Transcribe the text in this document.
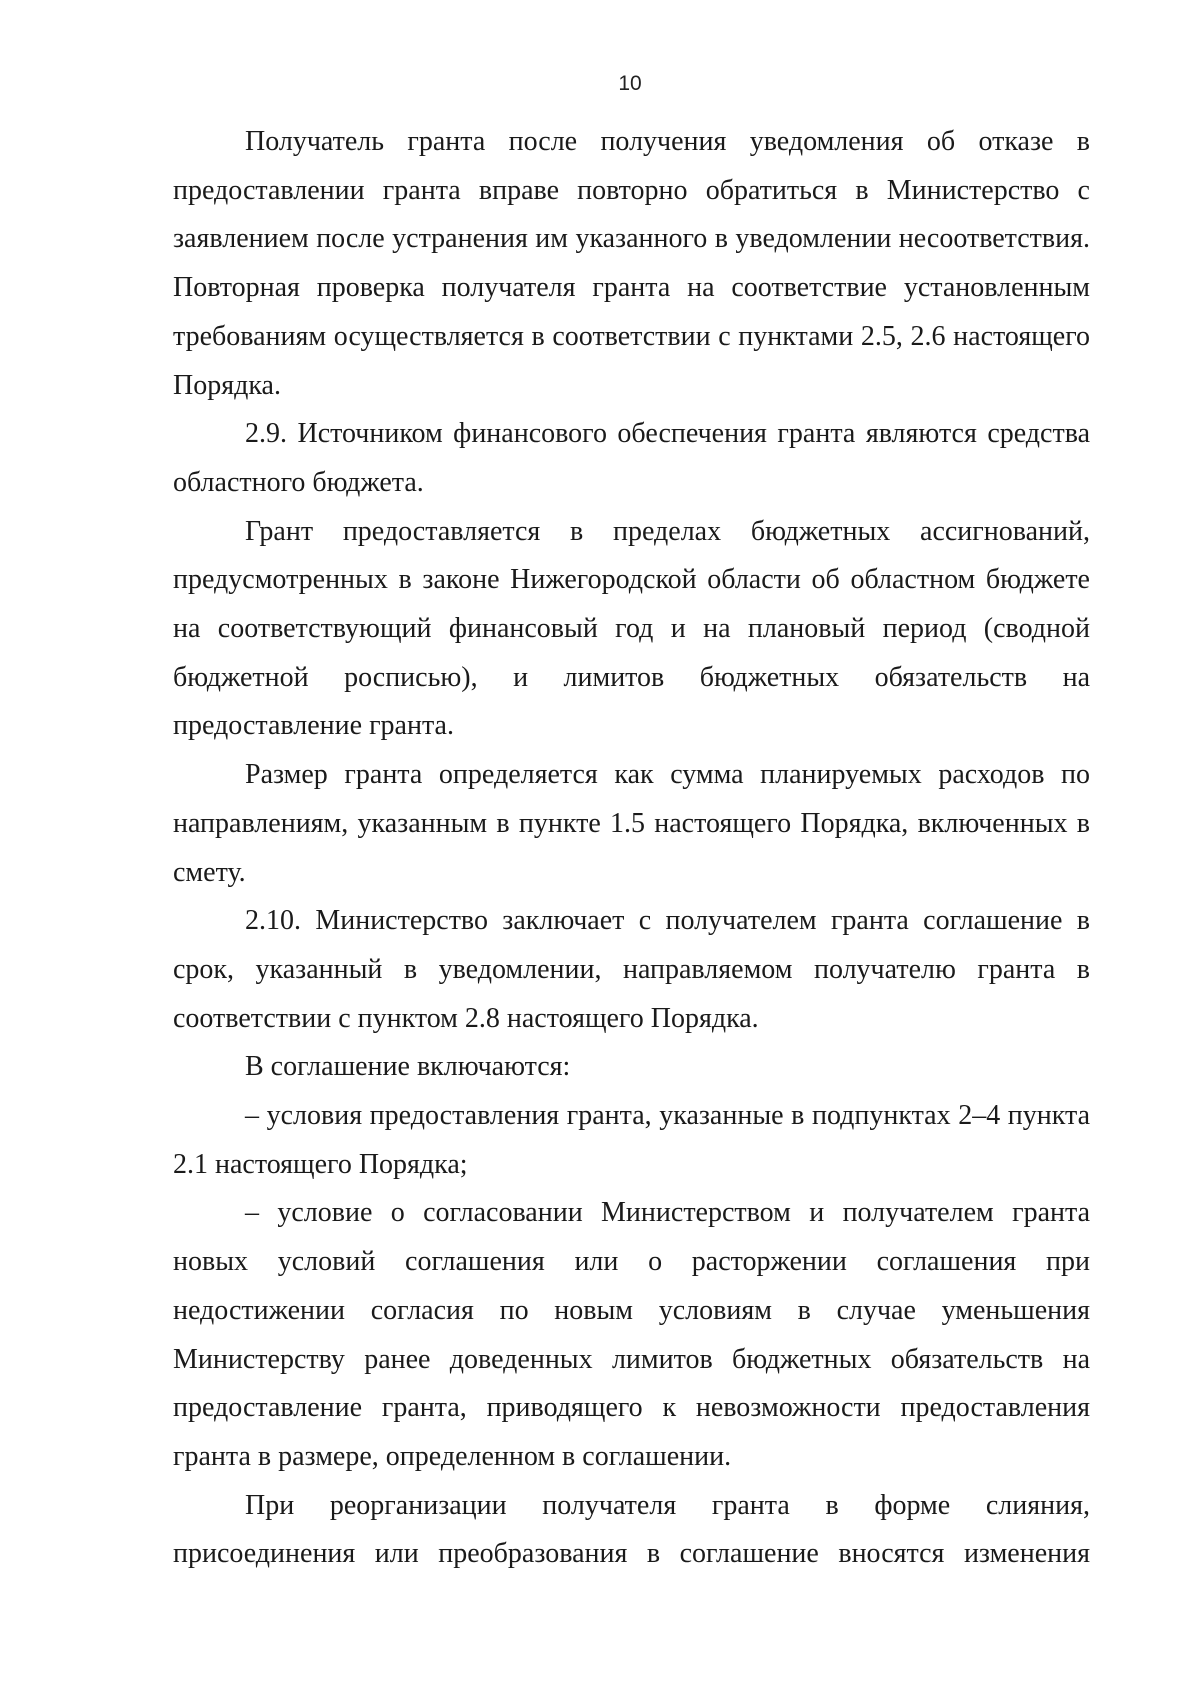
10

Получатель гранта после получения уведомления об отказе в предоставлении гранта вправе повторно обратиться в Министерство с заявлением после устранения им указанного в уведомлении несоответствия. Повторная проверка получателя гранта на соответствие установленным требованиям осуществляется в соответствии с пунктами 2.5, 2.6 настоящего Порядка.

2.9. Источником финансового обеспечения гранта являются средства областного бюджета.

Грант предоставляется в пределах бюджетных ассигнований, предусмотренных в законе Нижегородской области об областном бюджете на соответствующий финансовый год и на плановый период (сводной бюджетной росписью), и лимитов бюджетных обязательств на предоставление гранта.

Размер гранта определяется как сумма планируемых расходов по направлениям, указанным в пункте 1.5 настоящего Порядка, включенных в смету.

2.10. Министерство заключает с получателем гранта соглашение в срок, указанный в уведомлении, направляемом получателю гранта в соответствии с пунктом 2.8 настоящего Порядка.

В соглашение включаются:

– условия предоставления гранта, указанные в подпунктах 2–4 пункта 2.1 настоящего Порядка;

– условие о согласовании Министерством и получателем гранта новых условий соглашения или о расторжении соглашения при недостижении согласия по новым условиям в случае уменьшения Министерству ранее доведенных лимитов бюджетных обязательств на предоставление гранта, приводящего к невозможности предоставления гранта в размере, определенном в соглашении.

При реорганизации получателя гранта в форме слияния, присоединения или преобразования в соглашение вносятся изменения
